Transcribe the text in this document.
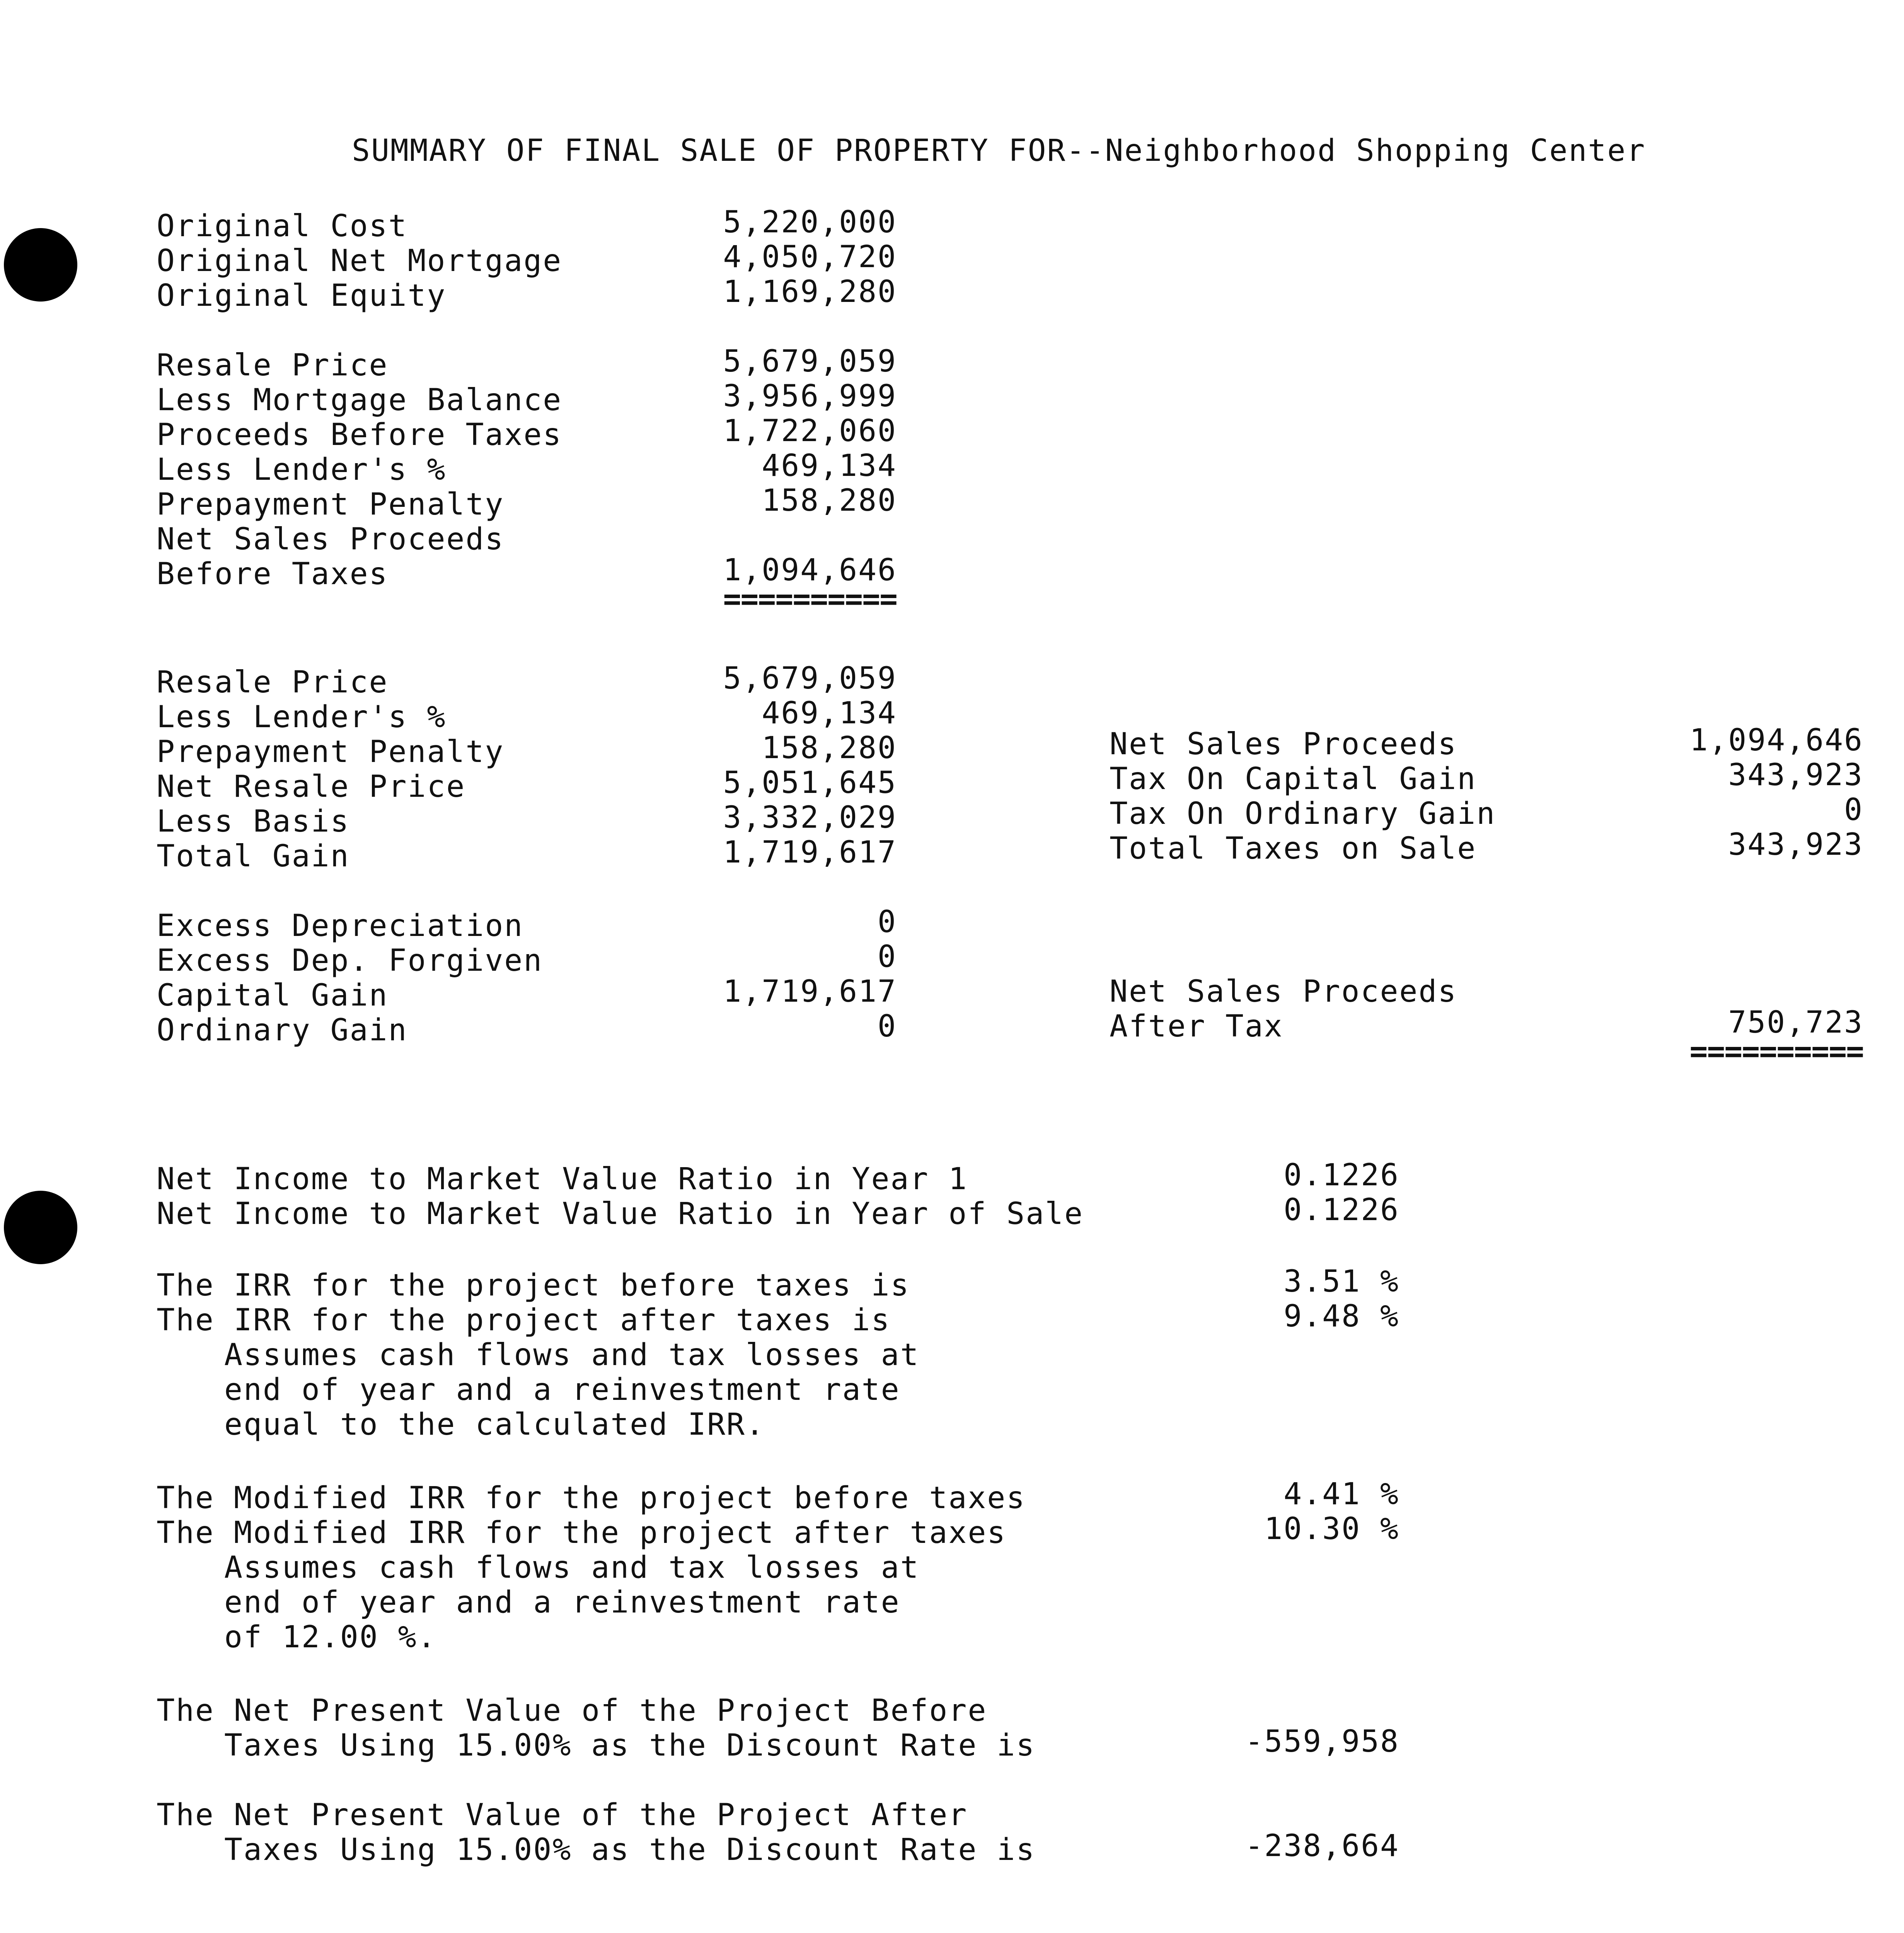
SUMMARY OF FINAL SALE OF PROPERTY FOR--Neighborhood Shopping Center
Original Cost	5,220,000
Original Net Mortgage	4,050,720
Original Equity	1,169,280
Resale Price	5,679,059
Less Mortgage Balance	3,956,999
Proceeds Before Taxes	1,722,060
Less Lender's %	469,134
Prepayment Penalty	158,280
Net Sales Proceeds
Before Taxes	1,094,646
==========
Resale Price	5,679,059
Less Lender's %	469,134
Prepayment Penalty	158,280
Net Resale Price	5,051,645
Less Basis	3,332,029
Total Gain	1,719,617
Net Sales Proceeds	1,094,646
Tax On Capital Gain	343,923
Tax On Ordinary Gain	0
Total Taxes on Sale	343,923
Excess Depreciation	0
Excess Dep. Forgiven	0
Capital Gain	1,719,617
Ordinary Gain	0
Net Sales Proceeds
After Tax	750,723
==========
Net Income to Market Value Ratio in Year 1	0.1226
Net Income to Market Value Ratio in Year of Sale	0.1226
The IRR for the project before taxes is	3.51 %
The IRR for the project after taxes is	9.48 %
Assumes cash flows and tax losses at
end of year and a reinvestment rate
equal to the calculated IRR.
The Modified IRR for the project before taxes	4.41 %
The Modified IRR for the project after taxes	10.30 %
Assumes cash flows and tax losses at
end of year and a reinvestment rate
of 12.00 %.
The Net Present Value of the Project Before
Taxes Using 15.00% as the Discount Rate is	-559,958
The Net Present Value of the Project After
Taxes Using 15.00% as the Discount Rate is	-238,664
